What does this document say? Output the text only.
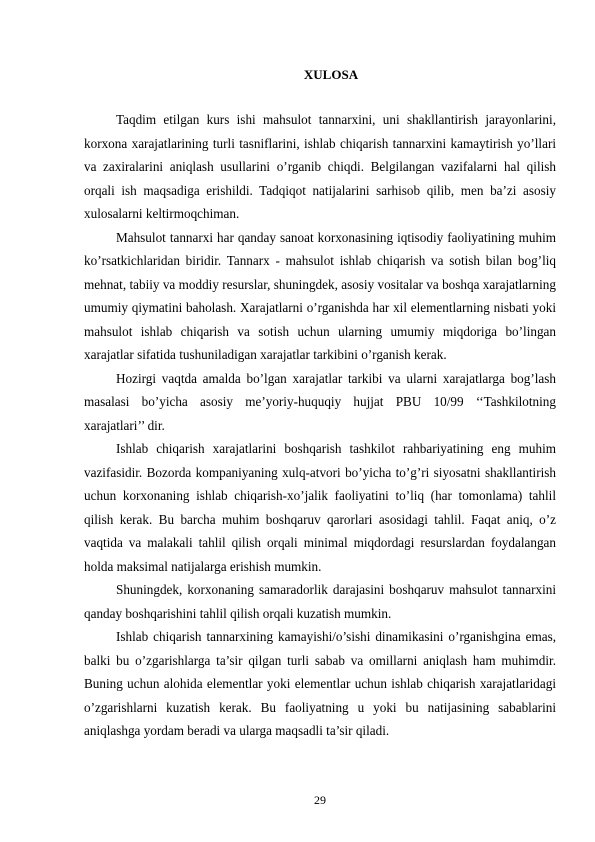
XULOSA

Taqdim etilgan kurs ishi mahsulot tannarxini, uni shakllantirish jarayonlarini, korxona xarajatlarining turli tasniflarini, ishlab chiqarish tannarxini kamaytirish yo’llari va zaxiralarini aniqlash usullarini o’rganib chiqdi. Belgilangan vazifalarni hal qilish orqali ish maqsadiga erishildi. Tadqiqot natijalarini sarhisob qilib, men ba’zi asosiy xulosalarni keltirmoqchiman.

Mahsulot tannarxi har qanday sanoat korxonasining iqtisodiy faoliyatining muhim ko’rsatkichlaridan biridir. Tannarx - mahsulot ishlab chiqarish va sotish bilan bog’liq mehnat, tabiiy va moddiy resurslar, shuningdek, asosiy vositalar va boshqa xarajatlarning umumiy qiymatini baholash. Xarajatlarni o’rganishda har xil elementlarning nisbati yoki mahsulot ishlab chiqarish va sotish uchun ularning umumiy miqdoriga bo’lingan xarajatlar sifatida tushuniladigan xarajatlar tarkibini o’rganish kerak.

Hozirgi vaqtda amalda bo’lgan xarajatlar tarkibi va ularni xarajatlarga bog’lash masalasi bo’yicha asosiy me’yoriy-huquqiy hujjat PBU 10/99 ‘‘Tashkilotning xarajatlari’’ dir.

Ishlab chiqarish xarajatlarini boshqarish tashkilot rahbariyatining eng muhim vazifasidir. Bozorda kompaniyaning xulq-atvori bo’yicha to’g’ri siyosatni shakllantirish uchun korxonaning ishlab chiqarish-xo’jalik faoliyatini to’liq (har tomonlama) tahlil qilish kerak. Bu barcha muhim boshqaruv qarorlari asosidagi tahlil. Faqat aniq, o’z vaqtida va malakali tahlil qilish orqali minimal miqdordagi resurslardan foydalangan holda maksimal natijalarga erishish mumkin.

Shuningdek, korxonaning samaradorlik darajasini boshqaruv mahsulot tannarxini qanday boshqarishini tahlil qilish orqali kuzatish mumkin.

Ishlab chiqarish tannarxining kamayishi/o’sishi dinamikasini o’rganishgina emas, balki bu o’zgarishlarga ta’sir qilgan turli sabab va omillarni aniqlash ham muhimdir. Buning uchun alohida elementlar yoki elementlar uchun ishlab chiqarish xarajatlaridagi o’zgarishlarni kuzatish kerak. Bu faoliyatning u yoki bu natijasining sabablarini aniqlashga yordam beradi va ularga maqsadli ta’sir qiladi.

29
